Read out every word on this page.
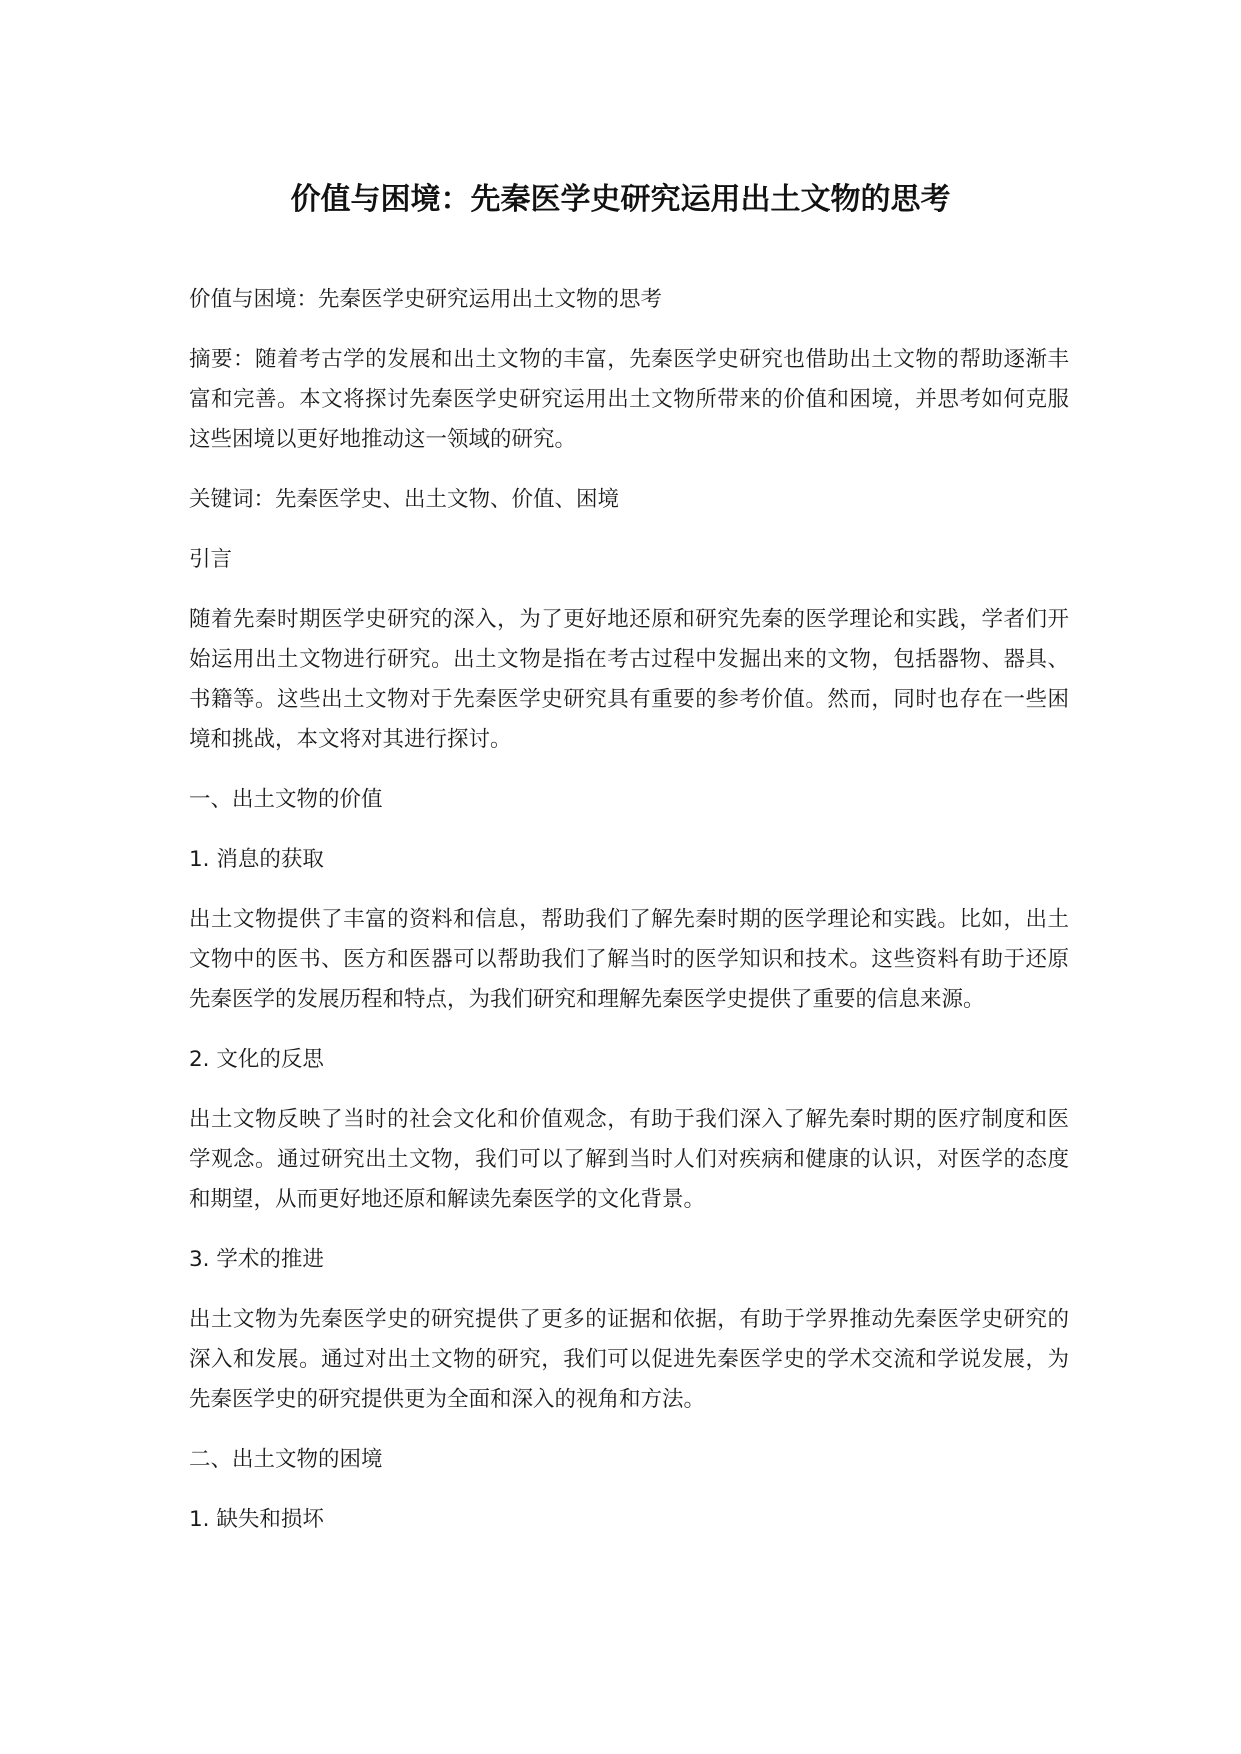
价值与困境：先秦医学史研究运用出土文物的思考

价值与困境：先秦医学史研究运用出土文物的思考

摘要：随着考古学的发展和出土文物的丰富，先秦医学史研究也借助出土文物的帮助逐渐丰富和完善。本文将探讨先秦医学史研究运用出土文物所带来的价值和困境，并思考如何克服这些困境以更好地推动这一领域的研究。

关键词：先秦医学史、出土文物、价值、困境

引言

随着先秦时期医学史研究的深入，为了更好地还原和研究先秦的医学理论和实践，学者们开始运用出土文物进行研究。出土文物是指在考古过程中发掘出来的文物，包括器物、器具、书籍等。这些出土文物对于先秦医学史研究具有重要的参考价值。然而，同时也存在一些困境和挑战，本文将对其进行探讨。

一、出土文物的价值

1. 消息的获取

出土文物提供了丰富的资料和信息，帮助我们了解先秦时期的医学理论和实践。比如，出土文物中的医书、医方和医器可以帮助我们了解当时的医学知识和技术。这些资料有助于还原先秦医学的发展历程和特点，为我们研究和理解先秦医学史提供了重要的信息来源。

2. 文化的反思

出土文物反映了当时的社会文化和价值观念，有助于我们深入了解先秦时期的医疗制度和医学观念。通过研究出土文物，我们可以了解到当时人们对疾病和健康的认识，对医学的态度和期望，从而更好地还原和解读先秦医学的文化背景。

3. 学术的推进

出土文物为先秦医学史的研究提供了更多的证据和依据，有助于学界推动先秦医学史研究的深入和发展。通过对出土文物的研究，我们可以促进先秦医学史的学术交流和学说发展，为先秦医学史的研究提供更为全面和深入的视角和方法。

二、出土文物的困境

1. 缺失和损坏
